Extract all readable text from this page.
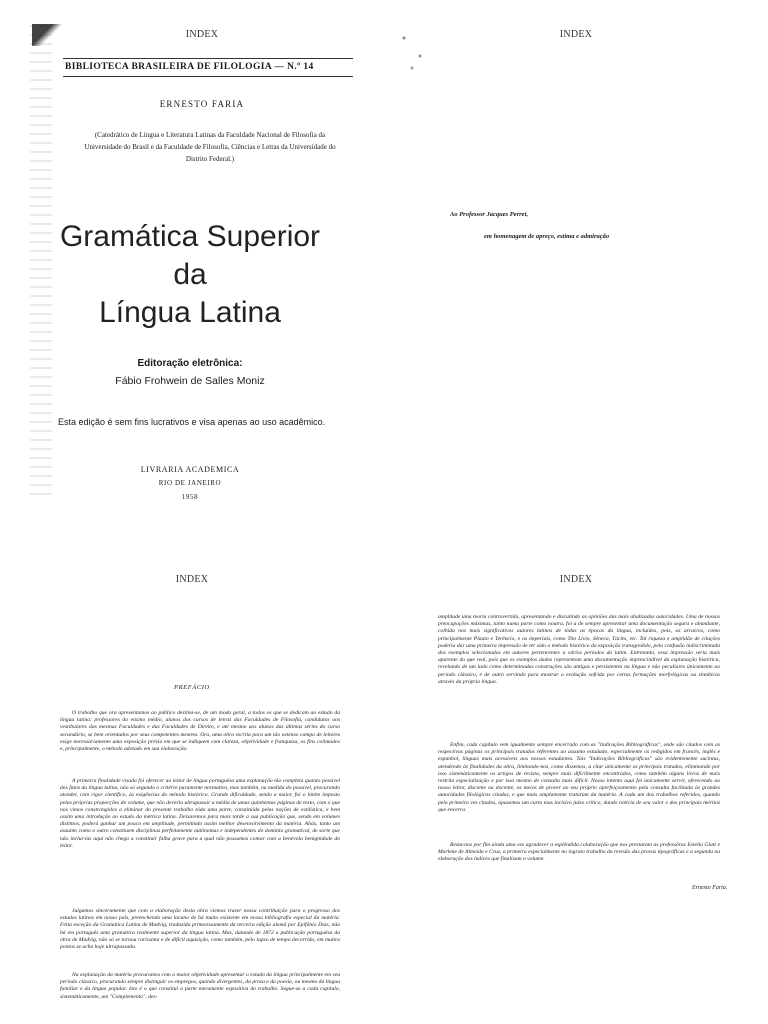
INDEX
BIBLIOTECA BRASILEIRA DE FILOLOGIA — N.º 14
ERNESTO FARIA
(Catedrático de Língua e Literatura Latinas da Faculdade Nacional de Filosofia da Universidade do Brasil e da Faculdade de Filosofia, Ciências e Letras da Universidade do Distrito Federal.)
Gramática Superior
da
Língua Latina
Editoração eletrônica:
Fábio Frohwein de Salles Moniz
Esta edição é sem fins lucrativos e visa apenas ao uso acadêmico.
LIVRARIA ACADEMICA
RIO DE JANEIRO
1958
INDEX
Ao Professor Jacques Perret,
em homenagem de apreço, estima e admiração
INDEX
PREFÁCIO
O trabalho que ora apresentamos ao público destina-se, de um modo geral, a todos os que se dedicam ao estudo da língua latina: professores do ensino médio, alunos dos cursos de letras das Faculdades de Filosofia, candidatos aos vestibulares das mesmas Faculdades e das Faculdades de Direito, e até mesmo aos alunos das últimas séries do curso secundário, se bem orientados por seus competentes mestres. Ora, uma obra escrita para um tão extenso campo de leitores exige necessàriamente uma exposição prévia em que se indiquem com clareza, objetividade e franqueza, os fins colimados e, principalmente, o método adotado em sua elaboração.
A primeira finalidade visada foi oferecer ao leitor de língua portuguêsa uma explanação tão completa quanto possível dos fatos da língua latina, não só segundo o critério puramente normativo, mas também, na medida do possível, procurando atender, com rigor científico, às exigências do método histórico. Grande dificuldade, sendo a maior, foi o limite imposto pelas próprias proporções do volume, que não deveria ultrapassar a média de umas quinhentas páginas de texto, com o que nos vimos constrangidos a eliminar do presente trabalho tôda uma parte, constituída pelas noções de estilística, e bem assim uma introdução ao estudo da métrica latina. Deixaremos para mais tarde a sua publicação que, sendo em volumes distintos, poderá ganhar um pouco em amplitude, permitindo assim melhor desenvolvimento da matéria. Aliás, tanto um assunto como o outro constituem disciplinas perfeitamente autônomas e independentes do domínio gramatical, de sorte que não incluí-las aqui não chega a constituir falha grave para a qual não possamos contar com a benévola benignidade do leitor.
Julgamos sinceramente que com a elaboração desta obra viemos trazer nossa contribuição para o progresso dos estudos latinos em nosso país, preenchendo uma lacuna de há muito existente em nossa bibliografia especial da matéria. Feita exceção da Gramática Latina de Madvig, traduzida primorosamente da terceira edição alemã por Epifânio Dias, não há em português uma gramática realmente superior da língua latina. Mas, datando de 1872 a publicação portuguêsa da obra de Madvig, não só se tornou raríssima e de difícil aquisição, como também, pelo lapso de tempo decorrido, em muitos pontos se acha hoje ultrapassada.
Na explanação da matéria procuramos com a maior objetividade apresentar o estado da língua principalmente em seu período clássico, procurando sempre distinguir os empregos, quando divergentes, da prosa e da poesia, ou mesmo da língua familiar e da língua popular. Isto é o que constitui a parte meramente expositiva do trabalho. Segue-se a cada capítulo, sistemàticamente, um "Complemento", des-
INDEX
amplitude uma teoria controvertida, apresentando e discutindo as opiniões das mais abalizadas autoridades. Uma de nossas preocupações máximas, tanto numa parte como noutra, foi a de sempre apresentar uma documentação segura e abundante, colhida nos mais significativos autores latinos de tôdas as épocas da língua, incluídos, pois, os arcaicos, como principalmente Plauto e Terêncio, e os imperiais, como Tito Lívio, Sêneca, Tácito, etc. Tal riqueza e amplidão de citações poderia dar uma primeira impressão de ter sido o método histórico da exposição transgredido, pela confusão indiscriminada dos exemplos selecionados em autores pertencentes a vários períodos do latim. Entretanto, essa impressão seria mais aparente do que real, pois que os exemplos dados representam uma documentação imprescindível da explanação histórica, revelando de um lado como determinadas construções são antigas e persistentes na língua e não peculiares ùnicamente ao período clássico, e de outro servindo para mostrar a evolução sofrida por certas formações morfológicas ou sintáticas através da própria língua.
Enfim, cada capítulo vem igualmente sempre encerrado com as "Indicações Bibliográficas", onde são citados com as respectivas páginas os principais tratados referentes ao assunto estudado, especialmente os redigidos em francês, inglês e espanhol, línguas mais acessíveis aos nossos estudantes. Tais "Indicações Bibliográficas" são evidentemente sucintas, atendendo às finalidades da obra, limitando-nos, como dissemos, a citar ùnicamente os principais tratados, eliminando por isso sistemàticamente os artigos de revista, sempre mais dificilmente encontrados, como também alguns livros de mais restrita especialização e por isso mesmo de consulta mais difícil. Nosso intento aqui foi ùnicamente servir, oferecendo ao nosso leitor, discente ou docente, os meios de prover ao seu próprio aperfeiçoamento pela consulta facilitada às grandes autoridades filológicas citadas, e que mais amplamente trataram da matéria. A cada um dos trabalhos referidos, quando pela primeira vez citados, apusemos um curto mas incisivo juízo crítico, dando notícia de seu valor e dos principais méritos que encerra.
Resta-nos por fim ainda uma vez agradecer a esplêndida colaboração que nos prestaram as professôras Estella Glatt e Marlene de Almeida e Cruz, a primeira especialmente no ingrato trabalho da revisão das provas tipográficas e a segunda na elaboração dos índices que finalizam o volume.
Ernesto Faria.
